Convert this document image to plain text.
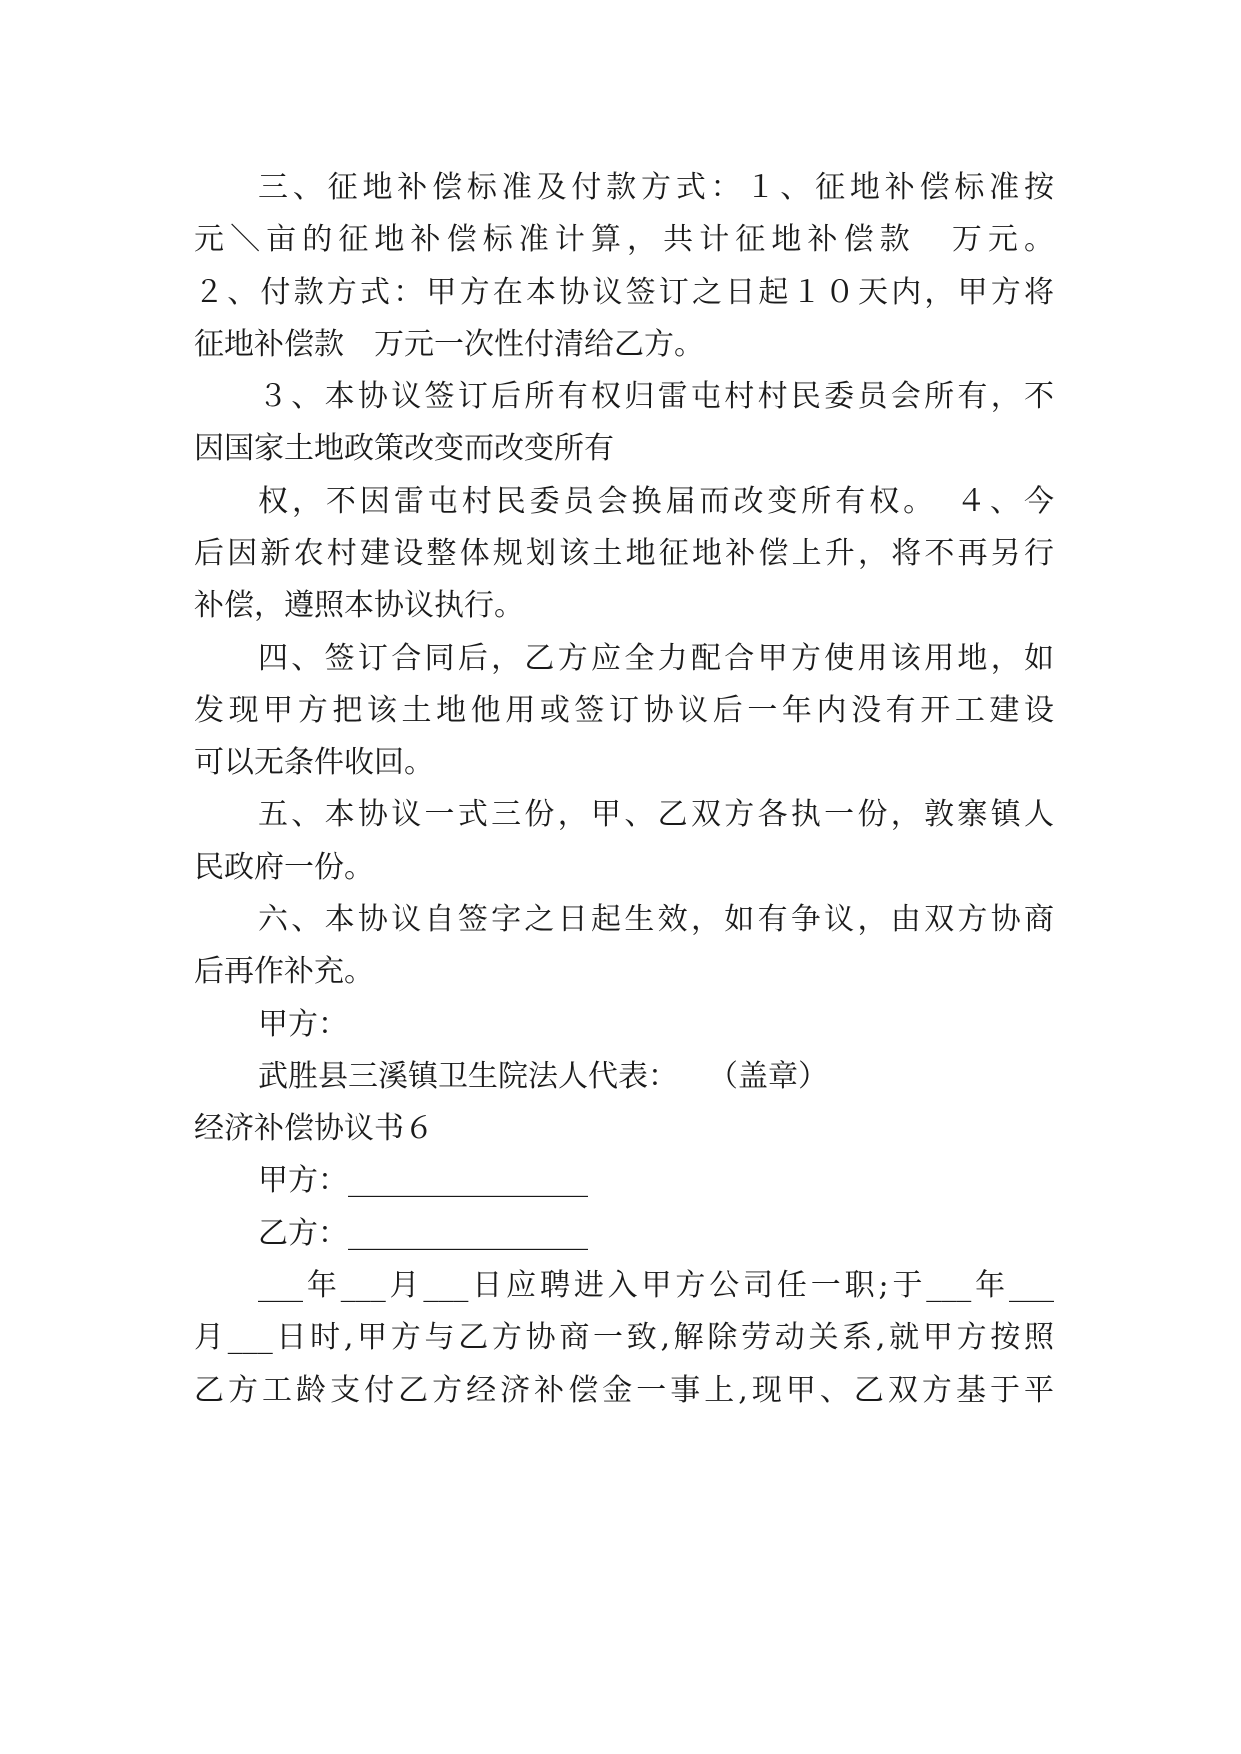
三、征地补偿标准及付款方式：１、征地补偿标准按
元＼亩的征地补偿标准计算，共计征地补偿款　万元。
２、付款方式：甲方在本协议签订之日起１０天内，甲方将
征地补偿款　万元一次性付清给乙方。
３、本协议签订后所有权归雷屯村村民委员会所有，不
因国家土地政策改变而改变所有
权，不因雷屯村民委员会换届而改变所有权。　４、今
后因新农村建设整体规划该土地征地补偿上升，将不再另行
补偿，遵照本协议执行。
四、签订合同后，乙方应全力配合甲方使用该用地，如
发现甲方把该土地他用或签订协议后一年内没有开工建设
可以无条件收回。
五、本协议一式三份，甲、乙双方各执一份，敦寨镇人
民政府一份。
六、本协议自签字之日起生效，如有争议，由双方协商
后再作补充。
甲方：
武胜县三溪镇卫生院法人代表：　　（盖章）
经济补偿协议书６
甲方：________________
乙方：________________
___年___月___日应聘进入甲方公司任一职;于___年___
月___日时,甲方与乙方协商一致,解除劳动关系,就甲方按照
乙方工龄支付乙方经济补偿金一事上,现甲、乙双方基于平
